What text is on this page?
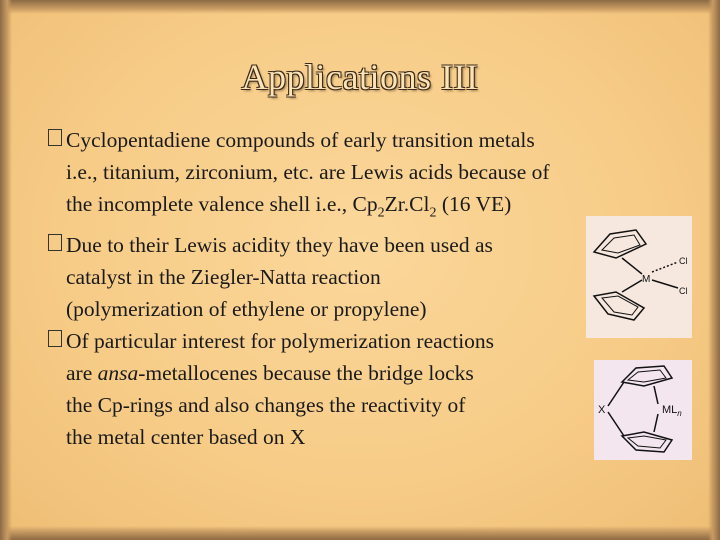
Applications III

Cyclopentadiene compounds of early transition metals

i.e., titanium, zirconium, etc. are Lewis acids because of

the incomplete valence shell i.e., $Cp_2Zr.Cl_2$ (16 VE)

Due to their Lewis acidity they have been used as

catalyst in the Ziegler-Natta reaction

(polymerization of ethylene or propylene)

Of particular interest for polymerization reactions

are ansa-metallocenes because the bridge locks

the Cp-rings and also changes the reactivity of

the metal center based on X

M
Cl
Cl
X	$ML_n$
